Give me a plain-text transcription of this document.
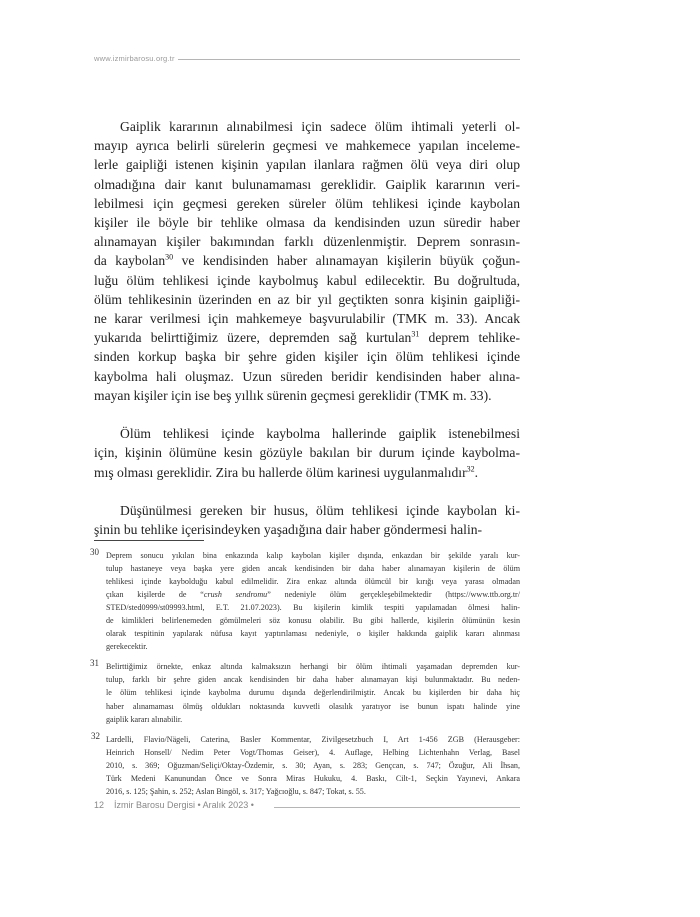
www.izmirbarosu.org.tr
Gaiplik kararının alınabilmesi için sadece ölüm ihtimali yeterli ol-
mayıp ayrıca belirli sürelerin geçmesi ve mahkemece yapılan inceleme-
lerle gaipliği istenen kişinin yapılan ilanlara rağmen ölü veya diri olup
olmadığına dair kanıt bulunamaması gereklidir. Gaiplik kararının veri-
lebilmesi için geçmesi gereken süreler ölüm tehlikesi içinde kaybolan
kişiler ile böyle bir tehlike olmasa da kendisinden uzun süredir haber
alınamayan kişiler bakımından farklı düzenlenmiştir. Deprem sonrasın-
da kaybolan$^{30}$ ve kendisinden haber alınamayan kişilerin büyük çoğun-
luğu ölüm tehlikesi içinde kaybolmuş kabul edilecektir. Bu doğrultuda,
ölüm tehlikesinin üzerinden en az bir yıl geçtikten sonra kişinin gaipliği-
ne karar verilmesi için mahkemeye başvurulabilir (TMK m. 33). Ancak
yukarıda belirttiğimiz üzere, depremden sağ kurtulan$^{31}$ deprem tehlike-
sinden korkup başka bir şehre giden kişiler için ölüm tehlikesi içinde
kaybolma hali oluşmaz. Uzun süreden beridir kendisinden haber alına-
mayan kişiler için ise beş yıllık sürenin geçmesi gereklidir (TMK m. 33).
Ölüm tehlikesi içinde kaybolma hallerinde gaiplik istenebilmesi
için, kişinin ölümüne kesin gözüyle bakılan bir durum içinde kaybolma-
mış olması gereklidir. Zira bu hallerde ölüm karinesi uygulanmalıdır$^{32}$.
Düşünülmesi gereken bir husus, ölüm tehlikesi içinde kaybolan ki-
şinin bu tehlike içerisindeyken yaşadığına dair haber göndermesi halin-
30 Deprem sonucu yıkılan bina enkazında kalıp kaybolan kişiler dışında, enkazdan bir şekilde yaralı kur-
tulup hastaneye veya başka yere giden ancak kendisinden bir daha haber alınamayan kişilerin de ölüm
tehlikesi içinde kaybolduğu kabul edilmelidir. Zira enkaz altında ölümcül bir kırığı veya yarası olmadan
çıkan kişilerde de “crush sendromu” nedeniyle ölüm gerçekleşebilmektedir (https://www.ttb.org.tr/
STED/sted0999/st09993.html, E.T. 21.07.2023). Bu kişilerin kimlik tespiti yapılamadan ölmesi halin-
de kimlikleri belirlenemeden gömülmeleri söz konusu olabilir. Bu gibi hallerde, kişilerin ölümünün kesin
olarak tespitinin yapılarak nüfusa kayıt yaptırılaması nedeniyle, o kişiler hakkında gaiplik kararı alınması
gerekecektir.
31 Belirttiğimiz örnekte, enkaz altında kalmaksızın herhangi bir ölüm ihtimali yaşamadan depremden kur-
tulup, farklı bir şehre giden ancak kendisinden bir daha haber alınamayan kişi bulunmaktadır. Bu neden-
le ölüm tehlikesi içinde kaybolma durumu dışında değerlendirilmiştir. Ancak bu kişilerden bir daha hiç
haber alınamaması ölmüş oldukları noktasında kuvvetli olasılık yaratıyor ise bunun ispatı halinde yine
gaiplik kararı alınabilir.
32 Lardelli, Flavio/Nägeli, Caterina, Basler Kommentar, Zivilgesetzbuch I, Art 1-456 ZGB (Herausgeber:
Heinrich Honsell/ Nedim Peter Vogt/Thomas Geiser), 4. Auflage, Helbing Lichtenhahn Verlag, Basel
2010, s. 369; Oğuzman/Seliçi/Oktay-Özdemir, s. 30; Ayan, s. 283; Gençcan, s. 747; Özuğur, Ali İhsan,
Türk Medeni Kanunundan Önce ve Sonra Miras Hukuku, 4. Baskı, Cilt-1, Seçkin Yayınevi, Ankara
2016, s. 125; Şahin, s. 252; Aslan Bingöl, s. 317; Yağcıoğlu, s. 847; Tokat, s. 55.
12 İzmir Barosu Dergisi • Aralık 2023 •
